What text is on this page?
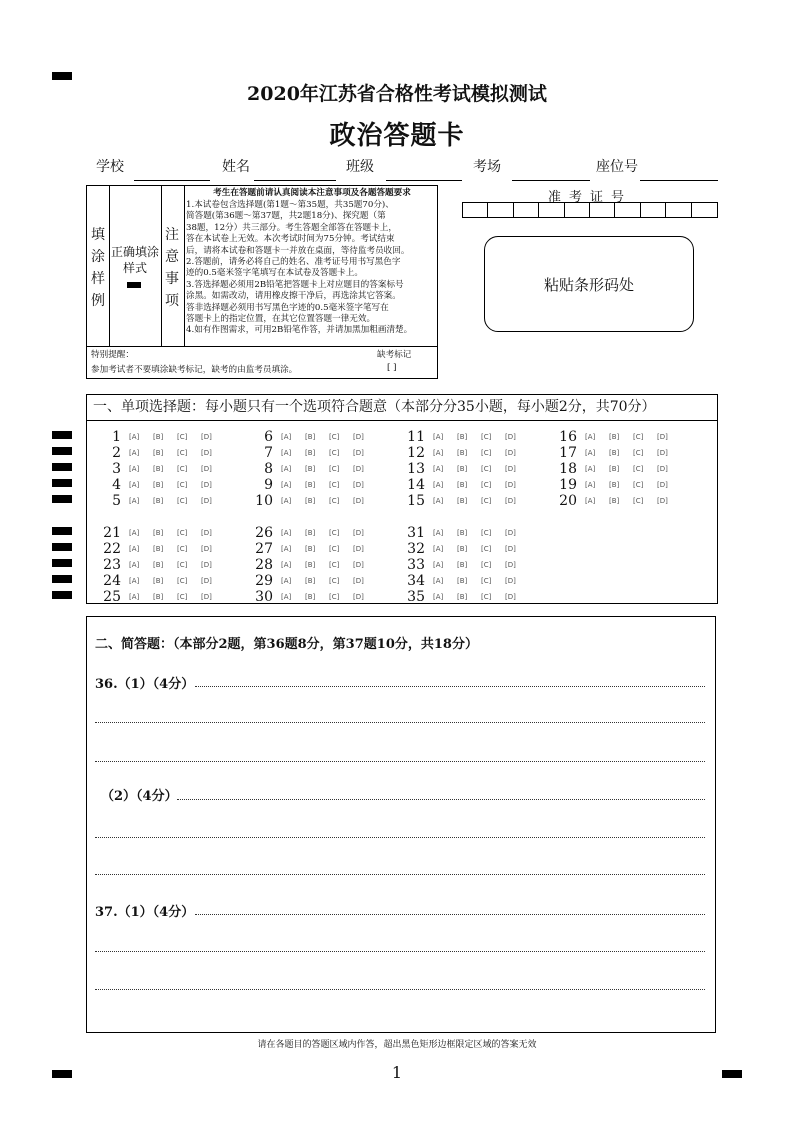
2020年江苏省合格性考试模拟测试
政治答题卡
学校	姓名	班级	考场	座位号
填
涂
样
例
正确填涂样式
注
意
事
项
考生在答题前请认真阅读本注意事项及各题答题要求
1.本试卷包含选择题(第1题～第35题，共35题70分)、
简答题(第36题～第37题，共2题18分)、探究题（第
38题，12分）共三部分。考生答题全部答在答题卡上，
答在本试卷上无效。本次考试时间为75分钟。考试结束
后，请将本试卷和答题卡一并放在桌面，等待监考员收回。
2.答题前，请务必将自己的姓名、准考证号用书写黑色字
迹的0.5毫米签字笔填写在本试卷及答题卡上。
3.答选择题必须用2B铅笔把答题卡上对应题目的答案标号
涂黑。如需改动，请用橡皮擦干净后，再选涂其它答案。
答非选择题必须用书写黑色字迹的0.5毫米签字笔写在
答题卡上的指定位置，在其它位置答题一律无效。
4.如有作图需求，可用2B铅笔作答，并请加黑加粗画清楚。
特别提醒：
参加考试者不要填涂缺考标记，缺考的由监考员填涂。
缺考标记
[ ]
准考证号
粘贴条形码处
一、单项选择题：每小题只有一个选项符合题意（本部分分35小题，每小题2分，共70分）
1	[A]	[B]	[C]	[D]
2	[A]	[B]	[C]	[D]
3	[A]	[B]	[C]	[D]
4	[A]	[B]	[C]	[D]
5	[A]	[B]	[C]	[D]
6	[A]	[B]	[C]	[D]
7	[A]	[B]	[C]	[D]
8	[A]	[B]	[C]	[D]
9	[A]	[B]	[C]	[D]
10	[A]	[B]	[C]	[D]
11	[A]	[B]	[C]	[D]
12	[A]	[B]	[C]	[D]
13	[A]	[B]	[C]	[D]
14	[A]	[B]	[C]	[D]
15	[A]	[B]	[C]	[D]
16	[A]	[B]	[C]	[D]
17	[A]	[B]	[C]	[D]
18	[A]	[B]	[C]	[D]
19	[A]	[B]	[C]	[D]
20	[A]	[B]	[C]	[D]
21	[A]	[B]	[C]	[D]
22	[A]	[B]	[C]	[D]
23	[A]	[B]	[C]	[D]
24	[A]	[B]	[C]	[D]
25	[A]	[B]	[C]	[D]
26	[A]	[B]	[C]	[D]
27	[A]	[B]	[C]	[D]
28	[A]	[B]	[C]	[D]
29	[A]	[B]	[C]	[D]
30	[A]	[B]	[C]	[D]
31	[A]	[B]	[C]	[D]
32	[A]	[B]	[C]	[D]
33	[A]	[B]	[C]	[D]
34	[A]	[B]	[C]	[D]
35	[A]	[B]	[C]	[D]
二、简答题：（本部分2题，第36题8分，第37题10分，共18分）
36.（1）（4分）
（2）（4分）
37.（1）（4分）
请在各题目的答题区域内作答，超出黑色矩形边框限定区域的答案无效
1
